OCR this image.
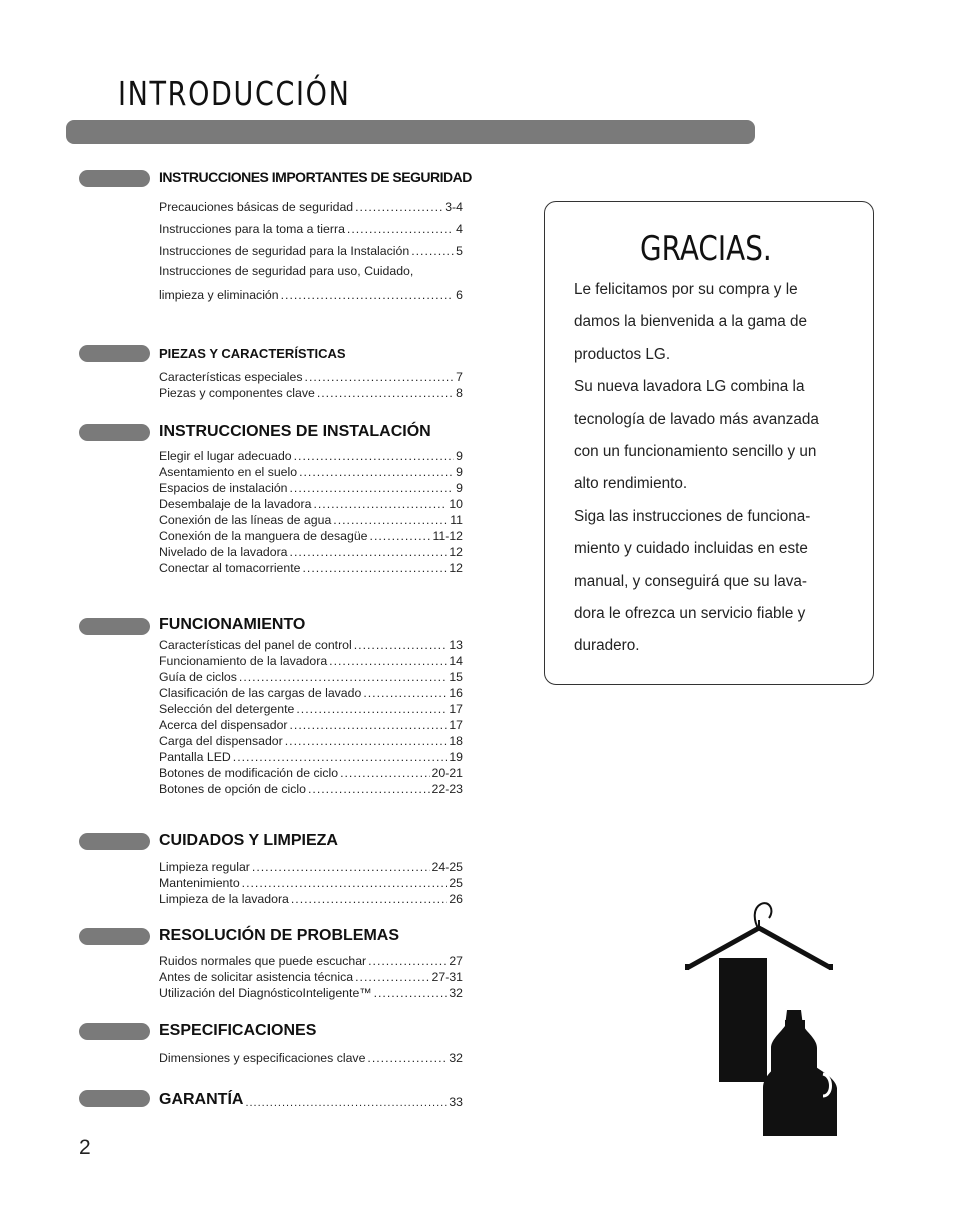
INTRODUCCIÓN
INSTRUCCIONES IMPORTANTES DE SEGURIDAD
Precauciones básicas de seguridad .....	3-4
Instrucciones para la toma a tierra .....	4
Instrucciones de seguridad para la Instalación .....	5
Instrucciones de seguridad para uso, Cuidado,
limpieza y eliminación .....	6
PIEZAS Y CARACTERÍSTICAS
Características especiales .....	7
Piezas y componentes clave .....	8
INSTRUCCIONES DE INSTALACIÓN
Elegir el lugar adecuado .....	9
Asentamiento en el suelo .....	9
Espacios de instalación .....	9
Desembalaje de la lavadora .....	10
Conexión de las líneas de agua .....	11
Conexión de la manguera de desagüe .....	11-12
Nivelado de la lavadora .....	12
Conectar al tomacorriente .....	12
FUNCIONAMIENTO
Características del panel de control .....	13
Funcionamiento de la lavadora .....	14
Guía de ciclos .....	15
Clasificación de las cargas de lavado .....	16
Selección del detergente .....	17
Acerca del dispensador .....	17
Carga del dispensador .....	18
Pantalla LED .....	19
Botones de modificación de ciclo .....	20-21
Botones de opción de ciclo .....	22-23
CUIDADOS Y LIMPIEZA
Limpieza regular .....	24-25
Mantenimiento .....	25
Limpieza de la lavadora .....	26
RESOLUCIÓN DE PROBLEMAS
Ruidos normales que puede escuchar .....	27
Antes de solicitar asistencia técnica .....	27-31
Utilización del DiagnósticoInteligente™ .....	32
ESPECIFICACIONES
Dimensiones y especificaciones clave .....	32
GARANTÍA .....	33
GRACIAS.
Le felicitamos por su compra y le
damos la bienvenida a la gama de
productos LG.
Su nueva lavadora LG combina la
tecnología de lavado más avanzada
con un funcionamiento sencillo y un
alto rendimiento.
Siga las instrucciones de funciona-
miento y cuidado incluidas en este
manual, y conseguirá que su lava-
dora le ofrezca un servicio fiable y
duradero.
2
